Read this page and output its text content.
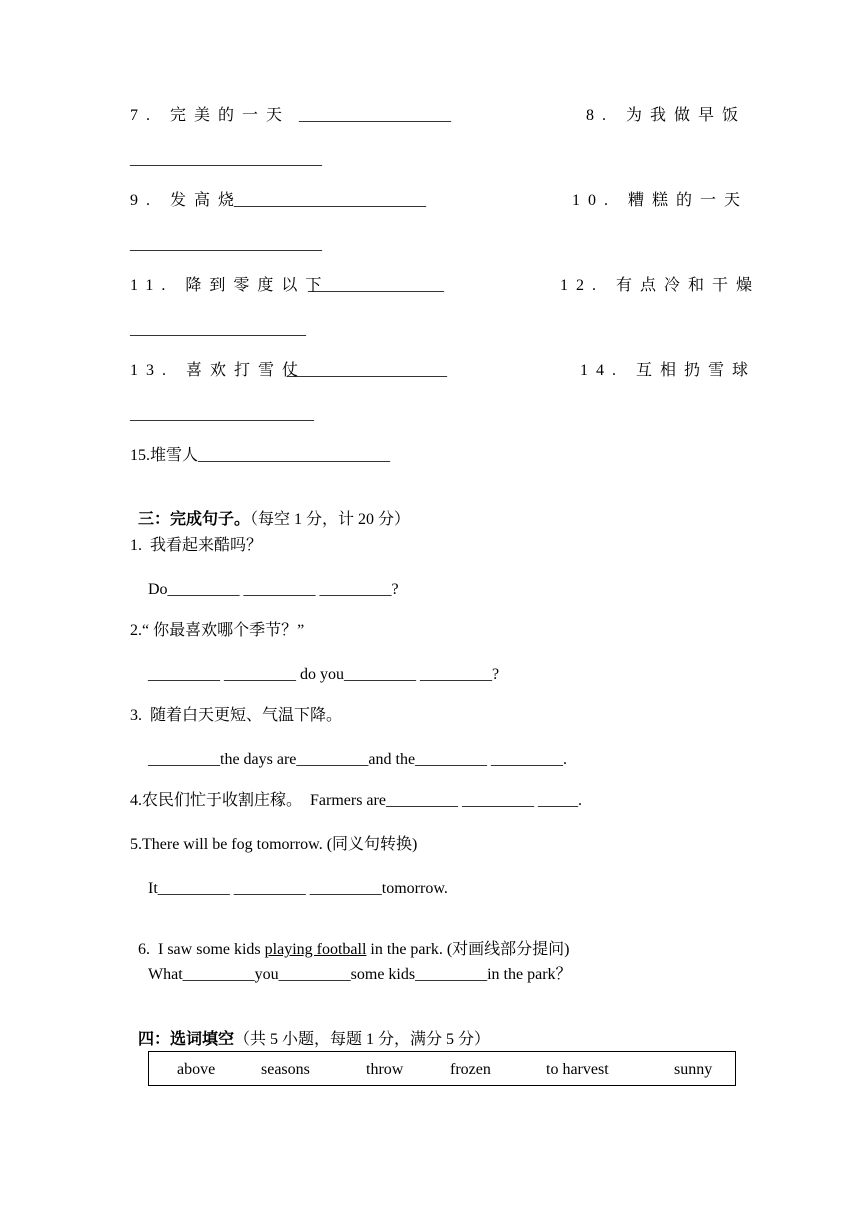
7. 完美的一天 ___________________	8. 为我做早饭
________________________
9. 发高烧
________________________	10. 糟糕的一天
________________________
11. 降到零度以下
_________________	12. 有点冷和干燥
______________________
13. 喜欢打雪仗
____________________	14. 互相扔雪球
_______________________
15.堆雪人________________________

三：完成句子。（每空 1 分，计 20 分）

1.  我看起来酷吗？
Do_________ _________ _________?
2.“ 你最喜欢哪个季节？”
_________ _________ do you_________ _________?
3.  随着白天更短、气温下降。
_________the days are_________and the_________ _________.
4.农民们忙于收割庄稼。  Farmers are_________ _________ _____.
5.There will be fog tomorrow. (同义句转换)
It_________ _________ _________tomorrow.

6.  I saw some kids playing football in the park. (对画线部分提问)

What_________you_________some kids_________in the park？

四：选词填空（共 5 小题，每题 1 分，满分 5 分）

above	seasons	throw	frozen	to harvest	sunny
